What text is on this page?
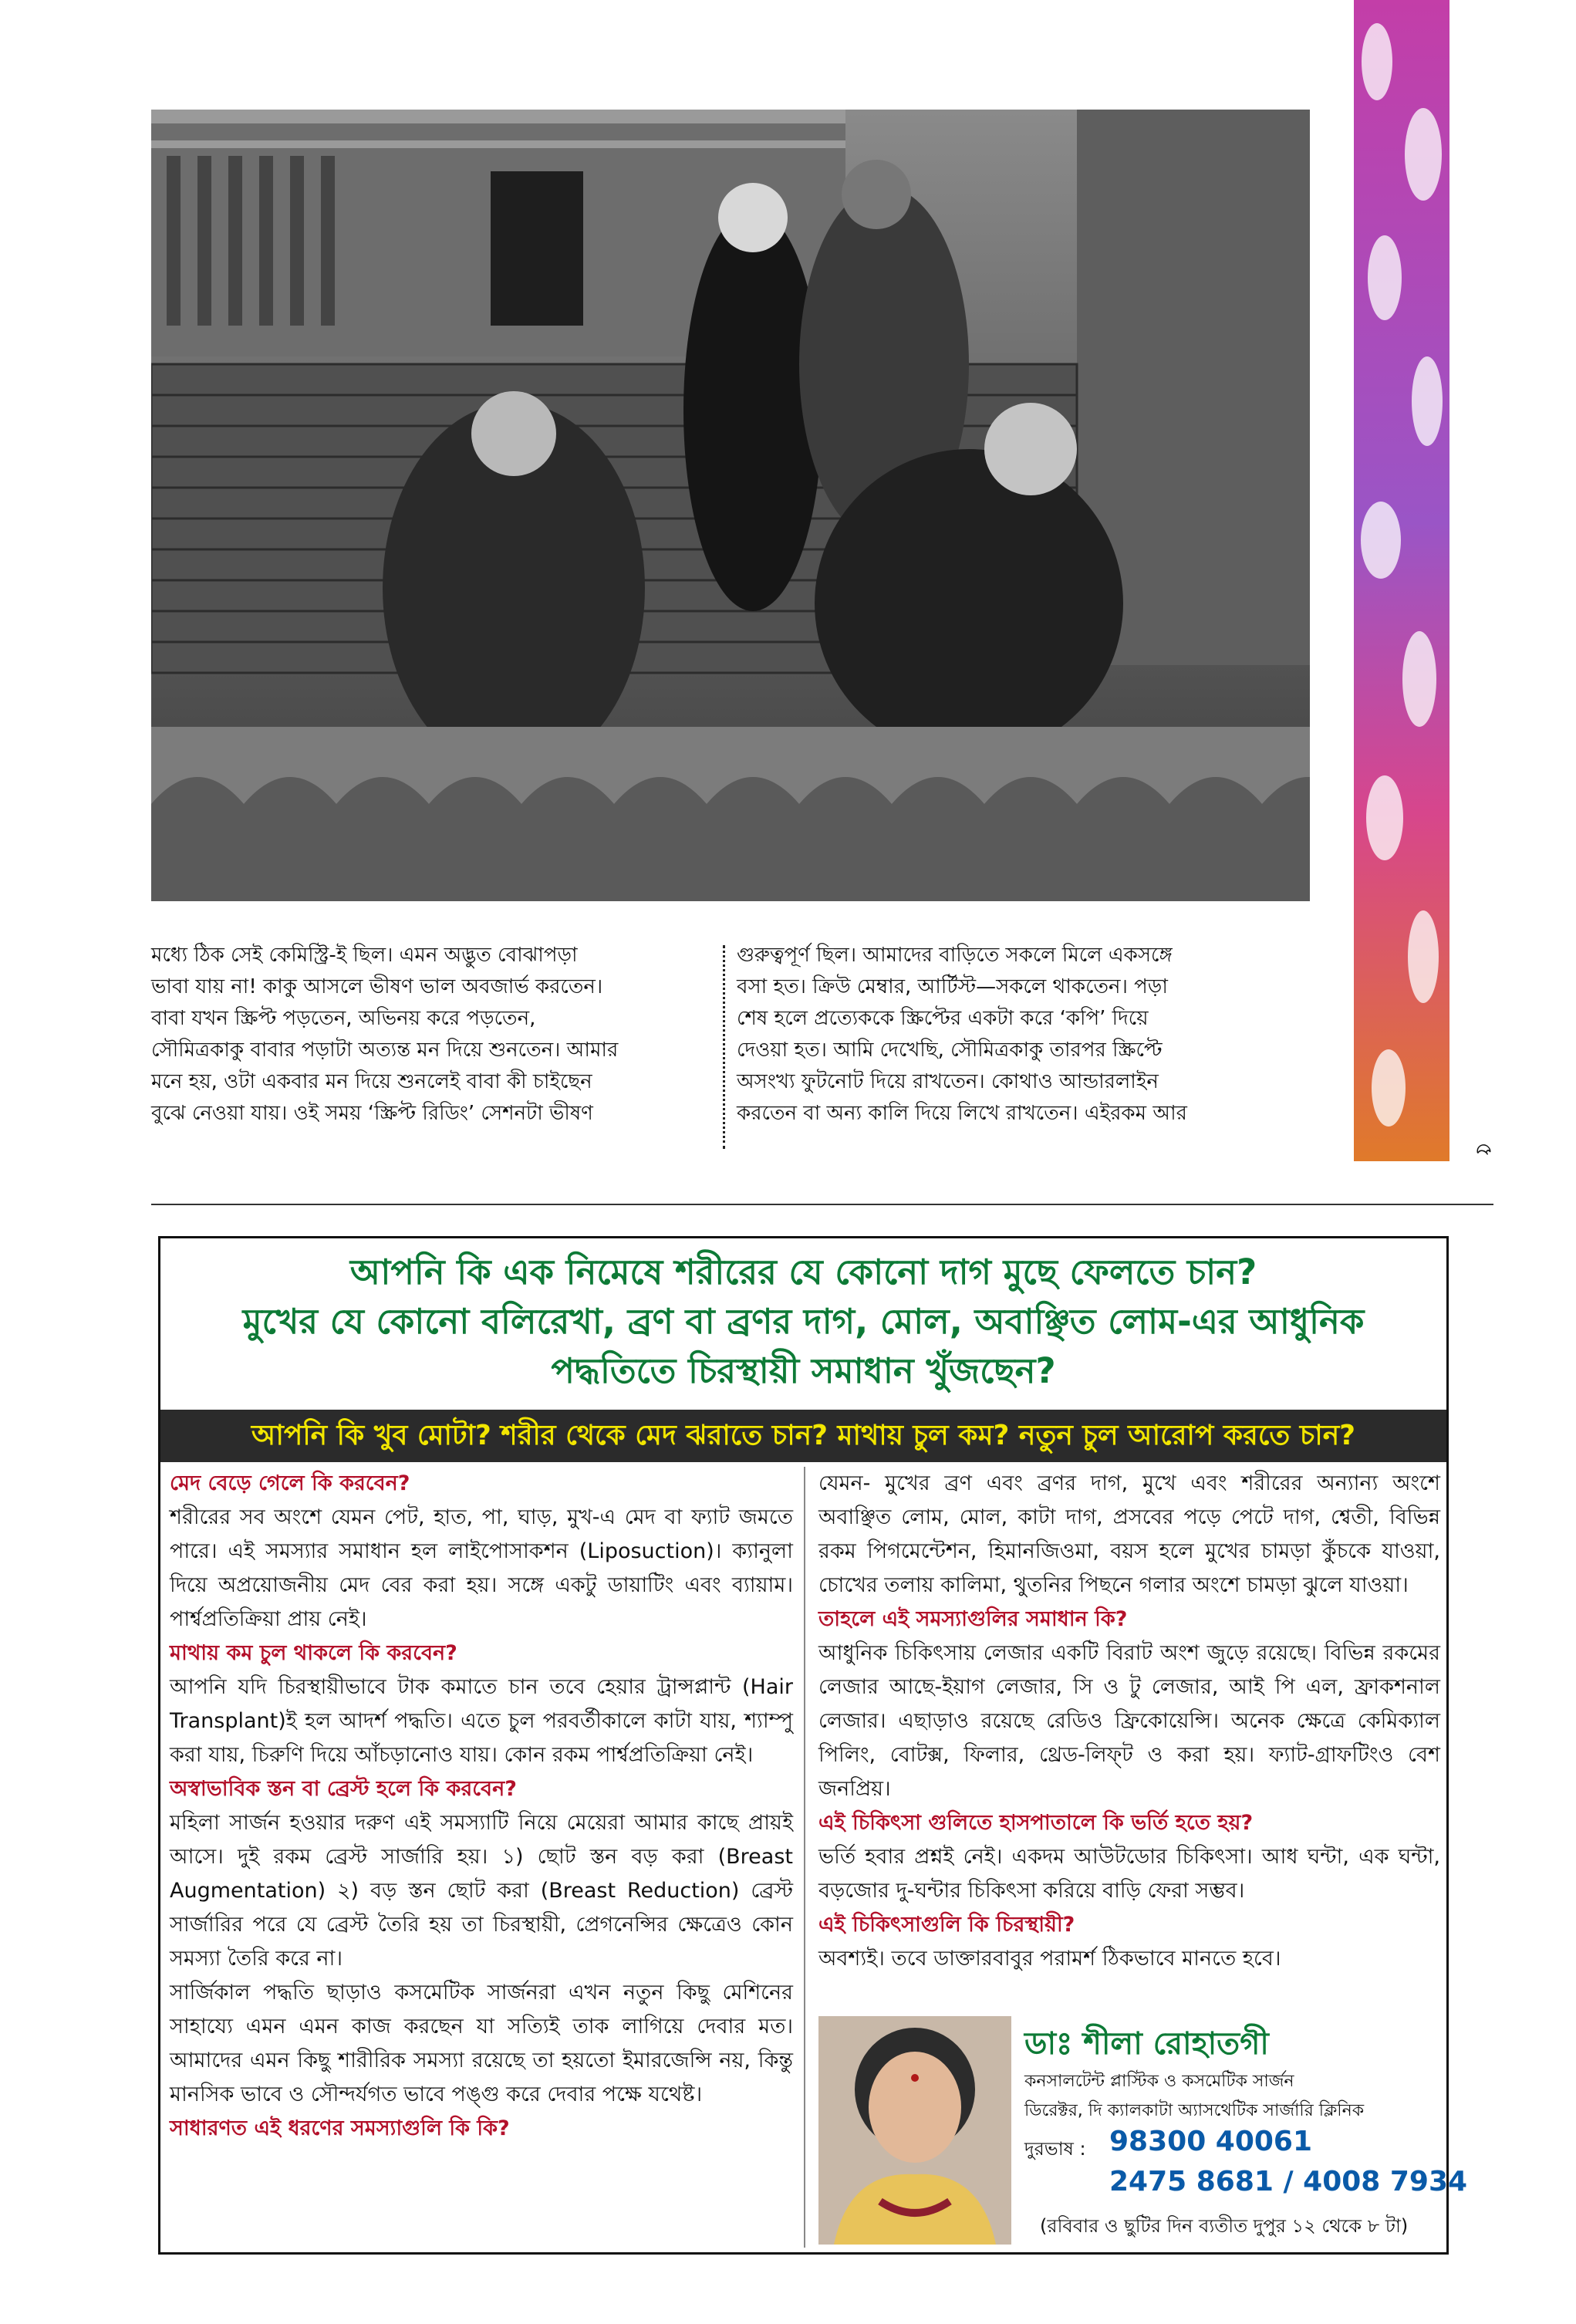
মধ্যে ঠিক সেই কেমিস্ট্রি-ই ছিল। এমন অদ্ভুত বোঝাপড়া

ভাবা যায় না! কাকু আসলে ভীষণ ভাল অবজার্ভ করতেন।

বাবা যখন স্ক্রিপ্ট পড়তেন, অভিনয় করে পড়তেন,

সৌমিত্রকাকু বাবার পড়াটা অত্যন্ত মন দিয়ে শুনতেন। আমার

মনে হয়, ওটা একবার মন দিয়ে শুনলেই বাবা কী চাইছেন

বুঝে নেওয়া যায়। ওই সময় ‘স্ক্রিপ্ট রিডিং’ সেশনটা ভীষণ

গুরুত্বপূর্ণ ছিল। আমাদের বাড়িতে সকলে মিলে একসঙ্গে

বসা হত। ক্রিউ মেম্বার, আর্টিস্ট—সকলে থাকতেন। পড়া

শেষ হলে প্রত্যেককে স্ক্রিপ্টের একটা করে ‘কপি’ দিয়ে

দেওয়া হত। আমি দেখেছি, সৌমিত্রকাকু তারপর স্ক্রিপ্টে

অসংখ্য ফুটনোট দিয়ে রাখতেন। কোথাও আন্ডারলাইন

করতেন বা অন্য কালি দিয়ে লিখে রাখতেন। এইরকম আর

৫
আপনি কি এক নিমেষে শরীরের যে কোনো দাগ মুছে ফেলতে চান?
মুখের যে কোনো বলিরেখা, ব্রণ বা ব্রণর দাগ, মোল, অবাঞ্ছিত লোম-এর আধুনিক
পদ্ধতিতে চিরস্থায়ী সমাধান খুঁজছেন?
আপনি কি খুব মোটা? শরীর থেকে মেদ ঝরাতে চান? মাথায় চুল কম? নতুন চুল আরোপ করতে চান?

মেদ বেড়ে গেলে কি করবেন?

শরীরের সব অংশে যেমন পেট, হাত, পা, ঘাড়, মুখ-এ মেদ বা ফ্যাট জমতে পারে। এই সমস্যার সমাধান হল লাইপোসাকশন (Liposuction)। ক্যানুলা দিয়ে অপ্রয়োজনীয় মেদ বের করা হয়। সঙ্গে একটু ডায়াটিং এবং ব্যায়াম। পার্শ্বপ্রতিক্রিয়া প্রায় নেই।

মাথায় কম চুল থাকলে কি করবেন?

আপনি যদি চিরস্থায়ীভাবে টাক কমাতে চান তবে হেয়ার ট্রান্সপ্লান্ট (Hair Transplant)ই হল আদর্শ পদ্ধতি। এতে চুল পরবর্তীকালে কাটা যায়, শ্যাম্পু করা যায়, চিরুণি দিয়ে আঁচড়ানোও যায়। কোন রকম পার্শ্বপ্রতিক্রিয়া নেই।

অস্বাভাবিক স্তন বা ব্রেস্ট হলে কি করবেন?

মহিলা সার্জন হওয়ার দরুণ এই সমস্যাটি নিয়ে মেয়েরা আমার কাছে প্রায়ই আসে। দুই রকম ব্রেস্ট সার্জারি হয়। ১) ছোট স্তন বড় করা (Breast Augmentation) ২) বড় স্তন ছোট করা (Breast Reduction) ব্রেস্ট সার্জারির পরে যে ব্রেস্ট তৈরি হয় তা চিরস্থায়ী, প্রেগনেন্সির ক্ষেত্রেও কোন সমস্যা তৈরি করে না।

সার্জিকাল পদ্ধতি ছাড়াও কসমেটিক সার্জনরা এখন নতুন কিছু মেশিনের সাহায্যে এমন এমন কাজ করছেন যা সত্যিই তাক লাগিয়ে দেবার মত। আমাদের এমন কিছু শারীরিক সমস্যা রয়েছে তা হয়তো ইমারজেন্সি নয়, কিন্তু মানসিক ভাবে ও সৌন্দর্যগত ভাবে পঙ্গু করে দেবার পক্ষে যথেষ্ট।

সাধারণত এই ধরণের সমস্যাগুলি কি কি?

যেমন- মুখের ব্রণ এবং ব্রণর দাগ, মুখে এবং শরীরের অন্যান্য অংশে অবাঞ্ছিত লোম, মোল, কাটা দাগ, প্রসবের পড়ে পেটে দাগ, শ্বেতী, বিভিন্ন রকম পিগমেন্টেশন, হিমানজিওমা, বয়স হলে মুখের চামড়া কুঁচকে যাওয়া, চোখের তলায় কালিমা, থুতনির পিছনে গলার অংশে চামড়া ঝুলে যাওয়া।

তাহলে এই সমস্যাগুলির সমাধান কি?

আধুনিক চিকিৎসায় লেজার একটি বিরাট অংশ জুড়ে রয়েছে। বিভিন্ন রকমের লেজার আছে-ইয়াগ লেজার, সি ও টু লেজার, আই পি এল, ফ্রাকশনাল লেজার। এছাড়াও রয়েছে রেডিও ফ্রিকোয়েন্সি। অনেক ক্ষেত্রে কেমিক্যাল পিলিং, বোটক্স, ফিলার, থ্রেড-লিফ্‌ট ও করা হয়। ফ্যাট-গ্রাফটিংও বেশ জনপ্রিয়।

এই চিকিৎসা গুলিতে হাসপাতালে কি ভর্তি হতে হয়?

ভর্তি হবার প্রশ্নই নেই। একদম আউটডোর চিকিৎসা। আধ ঘন্টা, এক ঘন্টা, বড়জোর দু-ঘন্টার চিকিৎসা করিয়ে বাড়ি ফেরা সম্ভব।

এই চিকিৎসাগুলি কি চিরস্থায়ী?

অবশ্যই। তবে ডাক্তারবাবুর পরামর্শ ঠিকভাবে মানতে হবে।

ডাঃ শীলা রোহাতগী
কনসালটেন্ট প্লাস্টিক ও কসমেটিক সার্জন
ডিরেক্টর, দি ক্যালকাটা অ্যাসথেটিক সার্জারি ক্লিনিক
দুরভাষ : 98300 40061
2475 8681 / 4008 7934
(রবিবার ও ছুটির দিন ব্যতীত দুপুর ১২ থেকে ৮ টা)
